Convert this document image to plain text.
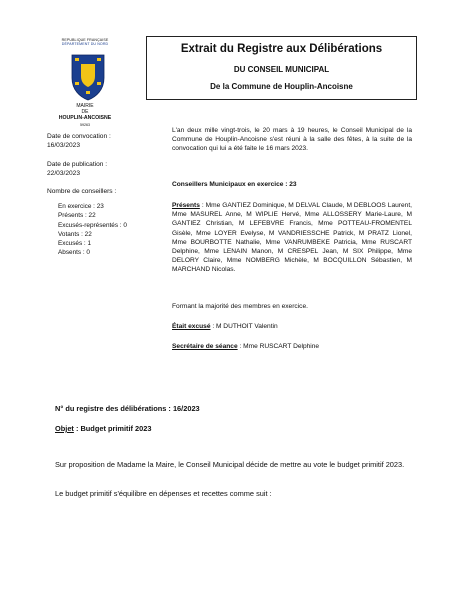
REPUBLIQUE FRANÇAISE
DÉPARTEMENT DU NORD
MAIRIE
DE
HOUPLIN-ANCOISNE
59263
Extrait du Registre aux Délibérations
DU CONSEIL MUNICIPAL
De la Commune de Houplin-Ancoisne
Date de convocation :
16/03/2023
Date de publication :
22/03/2023
Nombre de conseillers :
En exercice : 23
Présents : 22
Excusés-représentés : 0
Votants : 22
Excusés : 1
Absents : 0
L'an deux mille vingt-trois, le 20 mars à 19 heures, le Conseil Municipal de la Commune de Houplin-Ancoisne s'est réuni à la salle des fêtes, à la suite de la convocation qui lui a été faite le 16 mars 2023.
Conseillers Municipaux en exercice : 23
Présents : Mme GANTIEZ Dominique, M DELVAL Claude, M DEBLOOS Laurent, Mme MASUREL Anne, M WIPLIE Hervé, Mme ALLOSSERY Marie-Laure, M GANTIEZ Christian, M LEFEBVRE Francis, Mme POTTEAU-FROMENTEL Gisèle, Mme LOYER Evelyse, M VANDRIESSCHE Patrick, M PRATZ Lionel, Mme BOURBOTTE Nathalie, Mme VANRUMBEKE Patricia, Mme RUSCART Delphine, Mme LENAIN Manon, M CRESPEL Jean, M SIX Philippe, Mme DELORY Claire, Mme NOMBERG Michèle, M BOCQUILLON Sébastien, M MARCHAND Nicolas.
Formant la majorité des membres en exercice.
Était excusé : M DUTHOIT Valentin
Secrétaire de séance : Mme RUSCART Delphine
N° du registre des délibérations : 16/2023
Objet : Budget primitif 2023
Sur proposition de Madame la Maire, le Conseil Municipal décide de mettre au vote le budget primitif 2023.
Le budget primitif s'équilibre en dépenses et recettes comme suit :
